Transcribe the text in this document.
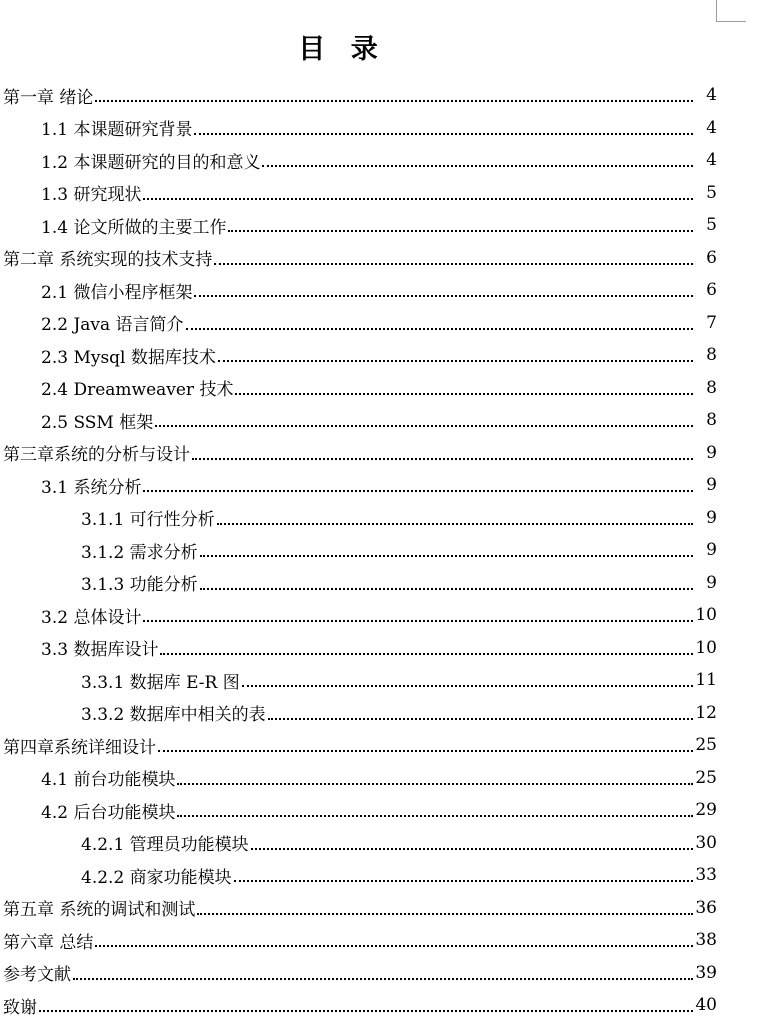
目 录
第一章 绪论	4
1.1 本课题研究背景	4
1.2 本课题研究的目的和意义	4
1.3 研究现状	5
1.4 论文所做的主要工作	5
第二章 系统实现的技术支持	6
2.1 微信小程序框架	6
2.2 Java 语言简介	7
2.3 Mysql 数据库技术	8
2.4 Dreamweaver 技术	8
2.5 SSM 框架	8
第三章系统的分析与设计	9
3.1 系统分析	9
3.1.1 可行性分析	9
3.1.2 需求分析	9
3.1.3 功能分析	9
3.2 总体设计	10
3.3 数据库设计	10
3.3.1 数据库 E-R 图	11
3.3.2 数据库中相关的表	12
第四章系统详细设计	25
4.1 前台功能模块	25
4.2 后台功能模块	29
4.2.1 管理员功能模块	30
4.2.2 商家功能模块	33
第五章 系统的调试和测试	36
第六章 总结	38
参考文献	39
致谢	40
